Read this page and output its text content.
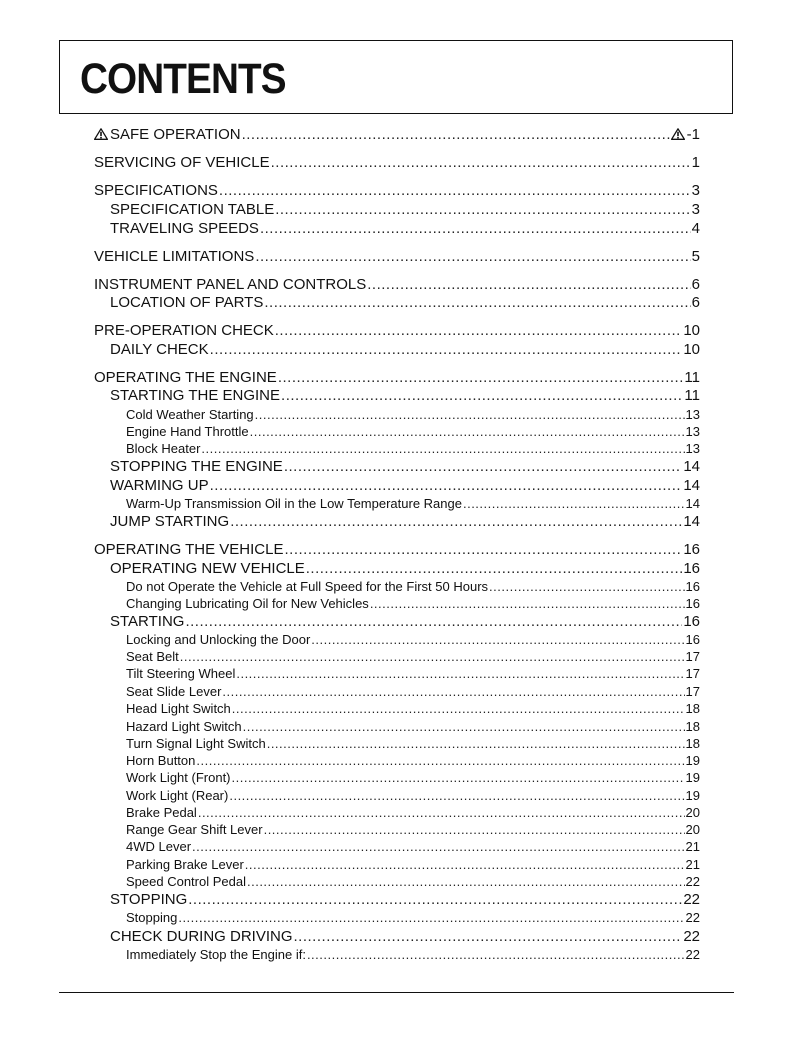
CONTENTS
SAFE OPERATION .....	-1
SERVICING OF VEHICLE .....	1
SPECIFICATIONS .....	3
SPECIFICATION TABLE .....	3
TRAVELING SPEEDS .....	4
VEHICLE LIMITATIONS .....	5
INSTRUMENT PANEL AND CONTROLS .....	6
LOCATION OF PARTS .....	6
PRE-OPERATION CHECK .....	10
DAILY CHECK .....	10
OPERATING THE ENGINE .....	11
STARTING THE ENGINE .....	11
Cold Weather Starting .....	13
Engine Hand Throttle .....	13
Block Heater .....	13
STOPPING THE ENGINE .....	14
WARMING UP .....	14
Warm-Up Transmission Oil in the Low Temperature Range .....	14
JUMP STARTING .....	14
OPERATING THE VEHICLE .....	16
OPERATING NEW VEHICLE .....	16
Do not Operate the Vehicle at Full Speed for the First 50 Hours .....	16
Changing Lubricating Oil for New Vehicles .....	16
STARTING .....	16
Locking and Unlocking the Door .....	16
Seat Belt .....	17
Tilt Steering Wheel .....	17
Seat Slide Lever .....	17
Head Light Switch .....	18
Hazard Light Switch .....	18
Turn Signal Light Switch .....	18
Horn Button .....	19
Work Light (Front) .....	19
Work Light (Rear) .....	19
Brake Pedal .....	20
Range Gear Shift Lever .....	20
4WD Lever .....	21
Parking Brake Lever .....	21
Speed Control Pedal .....	22
STOPPING .....	22
Stopping .....	22
CHECK DURING DRIVING .....	22
Immediately Stop the Engine if: .....	22
